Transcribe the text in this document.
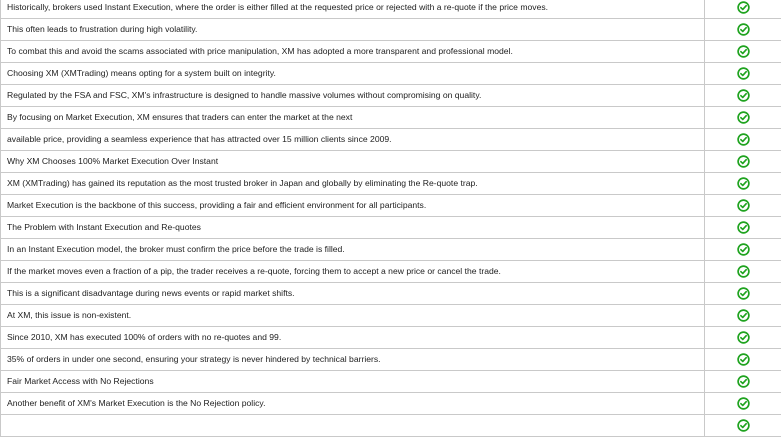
Historically, brokers used Instant Execution, where the order is either filled at the requested price or rejected with a re-quote if the price moves.
This often leads to frustration during high volatility.
To combat this and avoid the scams associated with price manipulation, XM has adopted a more transparent and professional model.
Choosing XM (XMTrading) means opting for a system built on integrity.
Regulated by the FSA and FSC, XM's infrastructure is designed to handle massive volumes without compromising on quality.
By focusing on Market Execution, XM ensures that traders can enter the market at the next
available price, providing a seamless experience that has attracted over 15 million clients since 2009.
Why XM Chooses 100% Market Execution Over Instant
XM (XMTrading) has gained its reputation as the most trusted broker in Japan and globally by eliminating the Re-quote trap.
Market Execution is the backbone of this success, providing a fair and efficient environment for all participants.
The Problem with Instant Execution and Re-quotes
In an Instant Execution model, the broker must confirm the price before the trade is filled.
If the market moves even a fraction of a pip, the trader receives a re-quote, forcing them to accept a new price or cancel the trade.
This is a significant disadvantage during news events or rapid market shifts.
At XM, this issue is non-existent.
Since 2010, XM has executed 100% of orders with no re-quotes and 99.
35% of orders in under one second, ensuring your strategy is never hindered by technical barriers.
Fair Market Access with No Rejections
Another benefit of XM's Market Execution is the No Rejection policy.
